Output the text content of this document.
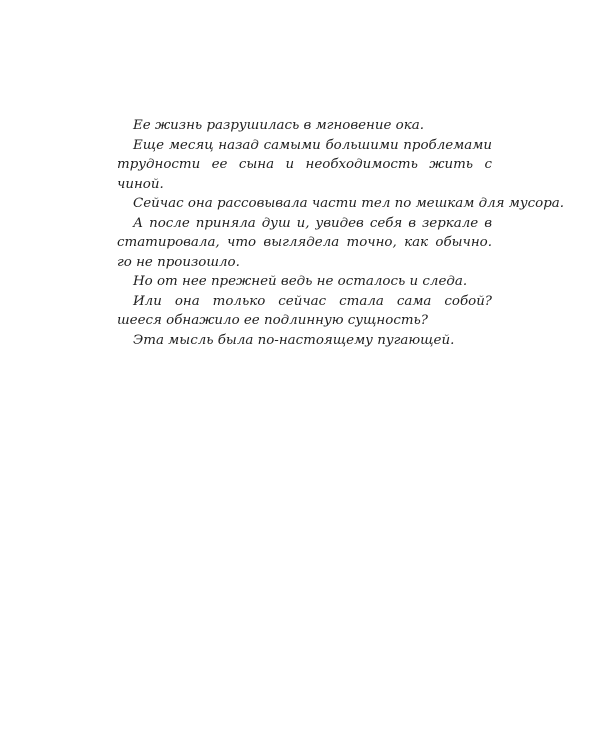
Ее жизнь разрушилась в мгновение ока.

Еще месяц назад самыми большими проблемами

трудности ее сына и необходимость жить с

чиной.

Сейчас она рассовывала части тел по мешкам для мусора.

А после приняла душ и, увидев себя в зеркале в

статировала, что выглядела точно, как обычно.

го не произошло.

Но от нее прежней ведь не осталось и следа.

Или она только сейчас стала сама собой?

шееся обнажило ее подлинную сущность?

Эта мысль была по-настоящему пугающей.
